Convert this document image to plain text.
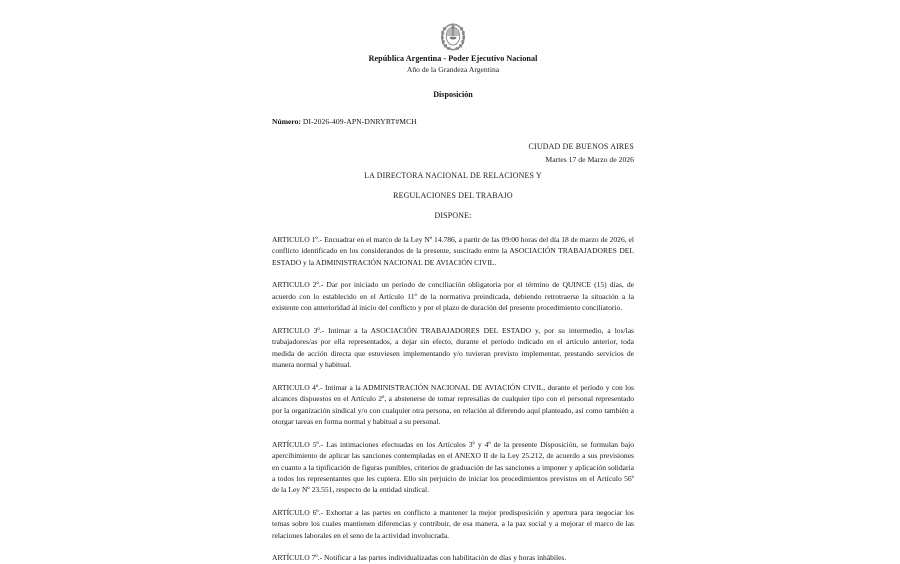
República Argentina - Poder Ejecutivo Nacional
Año de la Grandeza Argentina
Disposición
Número: DI-2026-409-APN-DNRYRT#MCH
CIUDAD DE BUENOS AIRES
Martes 17 de Marzo de 2026
LA DIRECTORA NACIONAL DE RELACIONES Y
REGULACIONES DEL TRABAJO
DISPONE:

ARTICULO 1º.- Encuadrar en el marco de la Ley Nº 14.786, a partir de las 09:00 horas del día 18 de marzo de 2026, el conflicto identificado en los considerandos de la presente, suscitado entre la ASOCIACIÓN TRABAJADORES DEL ESTADO y la ADMINISTRACIÓN NACIONAL DE AVIACIÓN CIVIL.

ARTICULO 2º.- Dar por iniciado un período de conciliación obligatoria por el término de QUINCE (15) días, de acuerdo con lo establecido en el Artículo 11º de la normativa preindicada, debiendo retrotraerse la situación a la existente con anterioridad al inicio del conflicto y por el plazo de duración del presente procedimiento conciliatorio.

ARTICULO 3º.- Intimar a la ASOCIACIÓN TRABAJADORES DEL ESTADO y, por su intermedio, a los/las trabajadores/as por ella representados, a dejar sin efecto, durante el período indicado en el artículo anterior, toda medida de acción directa que estuviesen implementando y/o tuvieran previsto implementar, prestando servicios de manera normal y habitual.

ARTICULO 4º.- Intimar a la ADMINISTRACIÓN NACIONAL DE AVIACIÓN CIVIL, durante el período y con los alcances dispuestos en el Artículo 2º, a abstenerse de tomar represalias de cualquier tipo con el personal representado por la organización sindical y/o con cualquier otra persona, en relación al diferendo aquí planteado, así como también a otorgar tareas en forma normal y habitual a su personal.

ARTÍCULO 5º.- Las intimaciones efectuadas en los Artículos 3º y 4º de la presente Disposición, se formulan bajo apercibimiento de aplicar las sanciones contempladas en el ANEXO II de la Ley 25.212, de acuerdo a sus previsiones en cuanto a la tipificación de figuras punibles, criterios de graduación de las sanciones a imponer y aplicación solidaria a todos los representantes que les cupiera. Ello sin perjuicio de iniciar los procedimientos previstos en el Artículo 56º de la Ley Nº 23.551, respecto de la entidad sindical.

ARTÍCULO 6º.- Exhortar a las partes en conflicto a mantener la mejor predisposición y apertura para negociar los temas sobre los cuales mantienen diferencias y contribuir, de esa manera, a la paz social y a mejorar el marco de las relaciones laborales en el seno de la actividad involucrada.

ARTÍCULO 7º.- Notificar a las partes individualizadas con habilitación de días y horas inhábiles.
